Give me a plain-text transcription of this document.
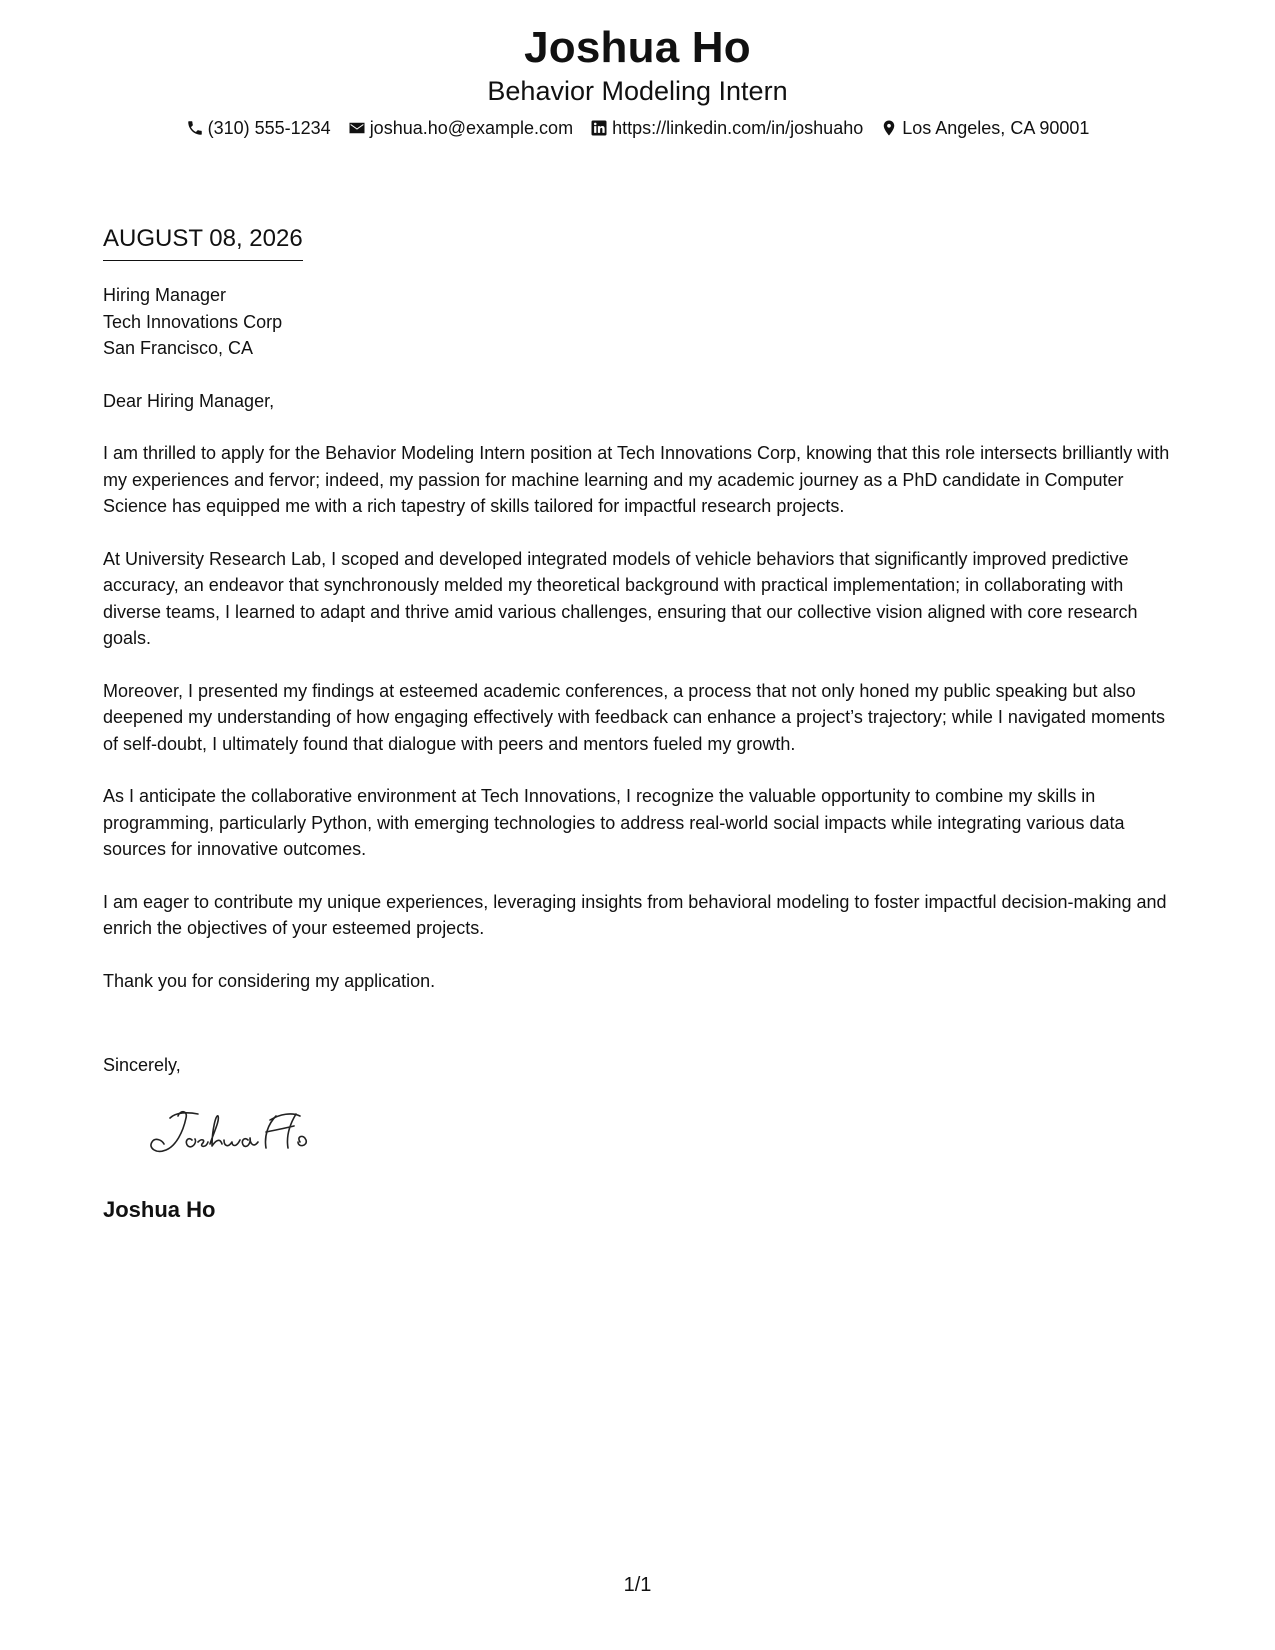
Joshua Ho
Behavior Modeling Intern
(310) 555-1234 joshua.ho@example.com https://linkedin.com/in/joshuaho Los Angeles, CA 90001
AUGUST 08, 2026
Hiring Manager
Tech Innovations Corp
San Francisco, CA

Dear Hiring Manager,

I am thrilled to apply for the Behavior Modeling Intern position at Tech Innovations Corp, knowing that this role intersects brilliantly with my experiences and fervor; indeed, my passion for machine learning and my academic journey as a PhD candidate in Computer Science has equipped me with a rich tapestry of skills tailored for impactful research projects.

At University Research Lab, I scoped and developed integrated models of vehicle behaviors that significantly improved predictive accuracy, an endeavor that synchronously melded my theoretical background with practical implementation; in collaborating with diverse teams, I learned to adapt and thrive amid various challenges, ensuring that our collective vision aligned with core research goals.

Moreover, I presented my findings at esteemed academic conferences, a process that not only honed my public speaking but also deepened my understanding of how engaging effectively with feedback can enhance a project’s trajectory; while I navigated moments of self-doubt, I ultimately found that dialogue with peers and mentors fueled my growth.

As I anticipate the collaborative environment at Tech Innovations, I recognize the valuable opportunity to combine my skills in programming, particularly Python, with emerging technologies to address real-world social impacts while integrating various data sources for innovative outcomes.

I am eager to contribute my unique experiences, leveraging insights from behavioral modeling to foster impactful decision-making and enrich the objectives of your esteemed projects.

Thank you for considering my application.

Sincerely,
Joshua Ho
1/1
